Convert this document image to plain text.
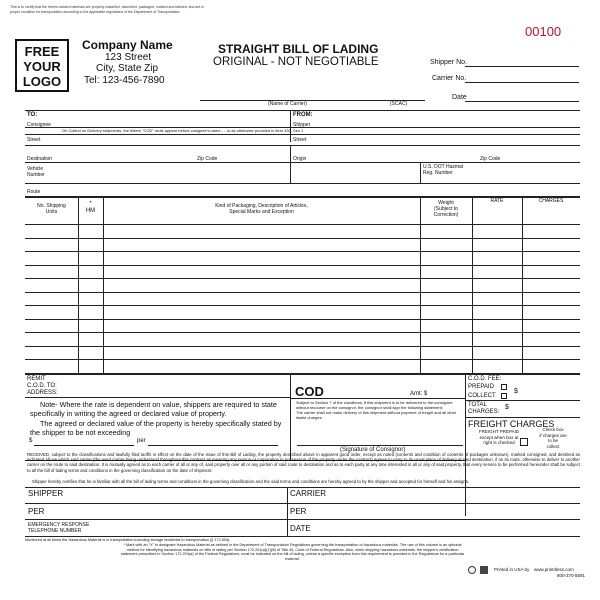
This is to certify that the herein-named materials are properly classified, described, packaged, marked and labeled, and are in proper condition for transportation according to the applicable regulations of the Department of Transportation.
00100
FREE
YOUR
LOGO
Company Name
123 Street
City, State Zip
Tel: 123-456-7890
STRAIGHT BILL OF LADING
ORIGINAL - NOT NEGOTIABLE	Shipper No.
Carrier No.
Date
(Name of Carrier)	(SCAC)
TO:	FROM:
Consignee	Shipper
On Collect on Delivery shipments, the letters "COD" must appear before cosignee's name - - or as otherwise provided in item 430, Sec.1
Street	Street
Destination	Zip Code	Origin	Zip Code
Vehicle
Number
U.S. DOT Hazmat
Reg. Number
Route
No. Shipping
Units
*
HM
Kind of Packaging, Description of Articles,
Special Marks and Exception
Weight
(Subject to
Correction)
RATE	CHARGES
REMIT
C.O.D. TO:
ADDRESS:	COD	Amt: $
Note- Where the rate is dependent on value, shippers are required to state specifically in writing the agreed or declared value of property.
The agreed or declared value of the property is hereby specifically stated by the shipper to be not exceeding
$	per
Subject to Section 7 of the conditions, if this shipment is to be delivered to the consignee without recourse on the consignor, the consignor shall sign the following statement:
The carrier shall not make delivery of this shipment without payment of freight and all other lawful charges.
(Signature of Consignor)
C.O.D. FEE:
PREPAID
COLLECT
$
TOTAL
CHARGES:
$
FREIGHT CHARGES
FREIGHT PREPAID
except when box at
right is checked
Check box
if charges are
to be
collect
RECEIVED, subject to the classifications and lawfully filed tariffs in effect on the date of the issue of this Bill of Lading, the property described above in apparent good order, except as noted (contents and condition of contents of packages unknown), marked consigned, and destined as indicated above which said carrier (the word carrier being understood throughout this contract as meaning any person or corporation in possession of the property under the contract) agrees to carry to its usual place of delivery at said destination, if on its route, otherwise to deliver to another carrier on the route to said destination. It is mutually agreed as to each carrier of all or any of, said property over all or any portion of said route to destination and as to each party at any time interested in all or any of said property, that every service to be performed hereunder shall be subject to all the bill of lading terms and conditions in the governing classification on the date of shipment.
Shipper hereby certifies that he is familiar with all the bill of lading terms and conditions in the governing classification and the said terms and conditions are hereby agreed to by the shipper and accepted for himself and his assigns.
SHIPPER	CARRIER
PER	PER
EMERGENCY RESPONSE
TELEPHONE NUMBER	DATE
Monitored at all times the Hazardous Material is in transportation including storage incidental to transportation (§ 172.604).
* Mark with an "X" to designate Hazardous Material as defined in the Department of Transportation Regulations governing the transportation of hazardous materials. The use of this column is an optional method for identifying hazardous materials on bills of lading per Section 172.201(a)(1)(iii) of Title 49, Code of Federal Regulations. Also, when shipping hazardous materials, the shipper's certification statement prescribed in Section 172.204(a) of the Federal Regulations, must be indicated on the bill of lading, unless a specific exception from this requirement is provided in the Regulations for a particular material.
Printed in USA by www.print4less.com
800-370-5591
